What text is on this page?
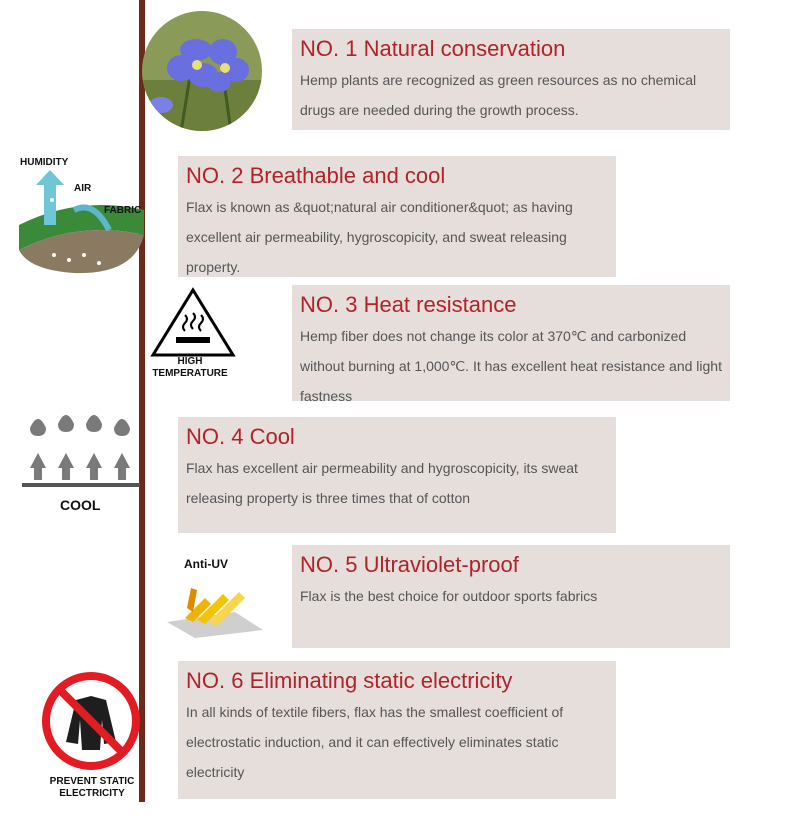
NO. 1 Natural conservation

Hemp plants are recognized as green resources as no chemical drugs are needed during the growth process.

NO. 2 Breathable and cool

Flax is known as &quot;natural air conditioner&quot; as having excellent air permeability, hygroscopicity, and sweat releasing property.

NO. 3 Heat resistance

Hemp fiber does not change its color at 370℃ and carbonized without burning at 1,000℃. It has excellent heat resistance and light fastness

NO. 4 Cool

Flax has excellent air permeability and hygroscopicity, its sweat releasing property is three times that of cotton

NO. 5 Ultraviolet-proof

Flax is the best choice for outdoor sports fabrics

NO. 6 Eliminating static electricity

In all kinds of textile fibers, flax has the smallest coefficient of electrostatic induction, and it can effectively eliminates static electricity

HUMIDITY
AIR
FABRIC
HIGH
TEMPERATURE
COOL
Anti-UV
PREVENT STATIC
ELECTRICITY
